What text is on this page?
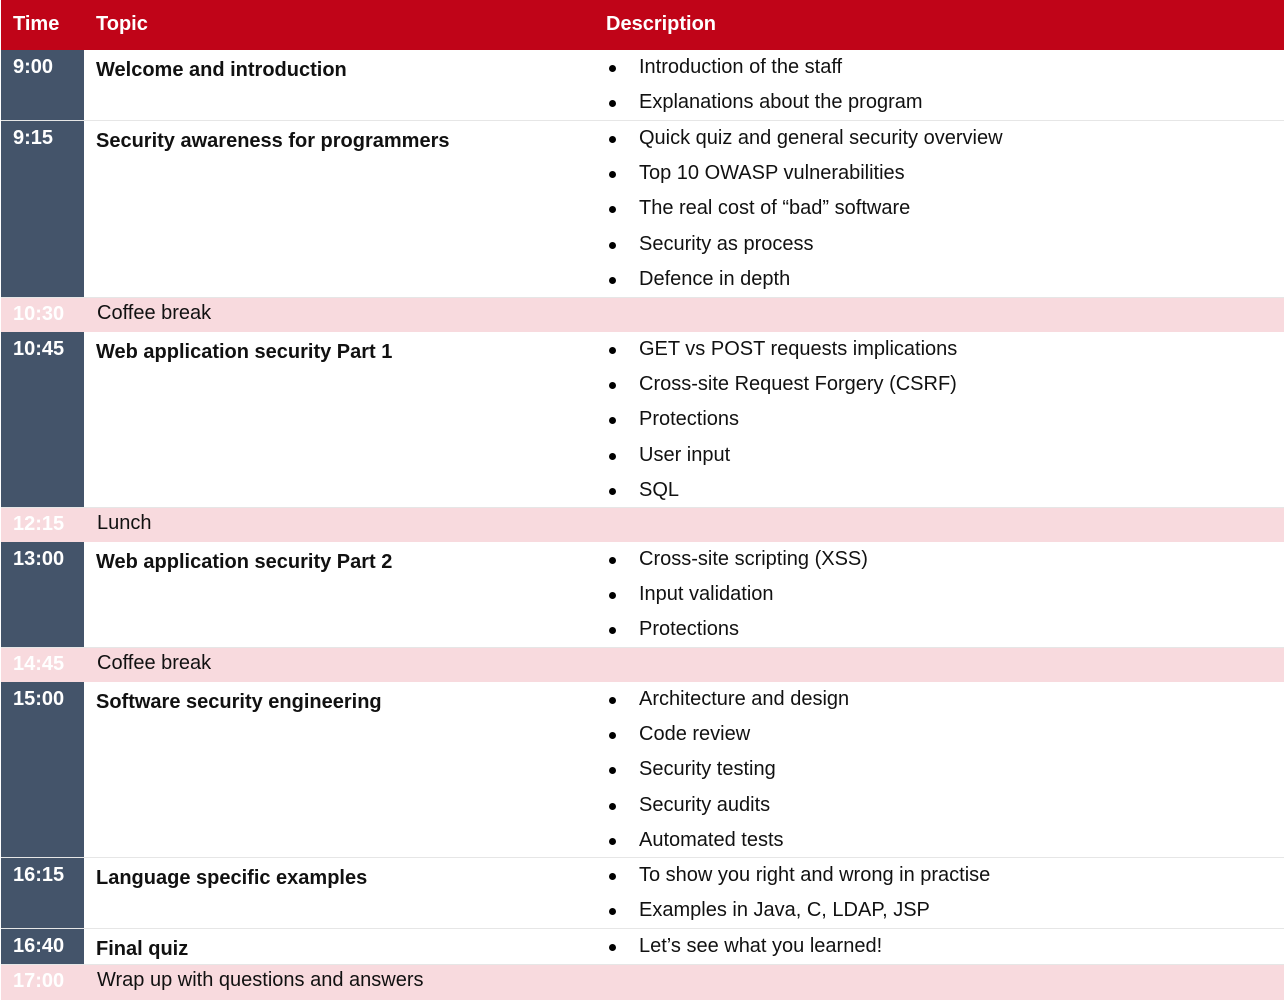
Time Topic	Description
9:00	Welcome and introduction	Introduction of the staff
Explanations about the program
9:15	Security awareness for programmers	Quick quiz and general security overview
Top 10 OWASP vulnerabilities
The real cost of “bad” software
Security as process
Defence in depth
10:30	Coffee break
10:45	Web application security Part 1	GET vs POST requests implications
Cross-site Request Forgery (CSRF)
Protections
User input
SQL
12:15	Lunch
13:00	Web application security Part 2	Cross-site scripting (XSS)
Input validation
Protections
14:45	Coffee break
15:00	Software security engineering	Architecture and design
Code review
Security testing
Security audits
Automated tests
16:15	Language specific examples	To show you right and wrong in practise
Examples in Java, C, LDAP, JSP
16:40	Final quiz	Let’s see what you learned!
17:00	Wrap up with questions and answers
